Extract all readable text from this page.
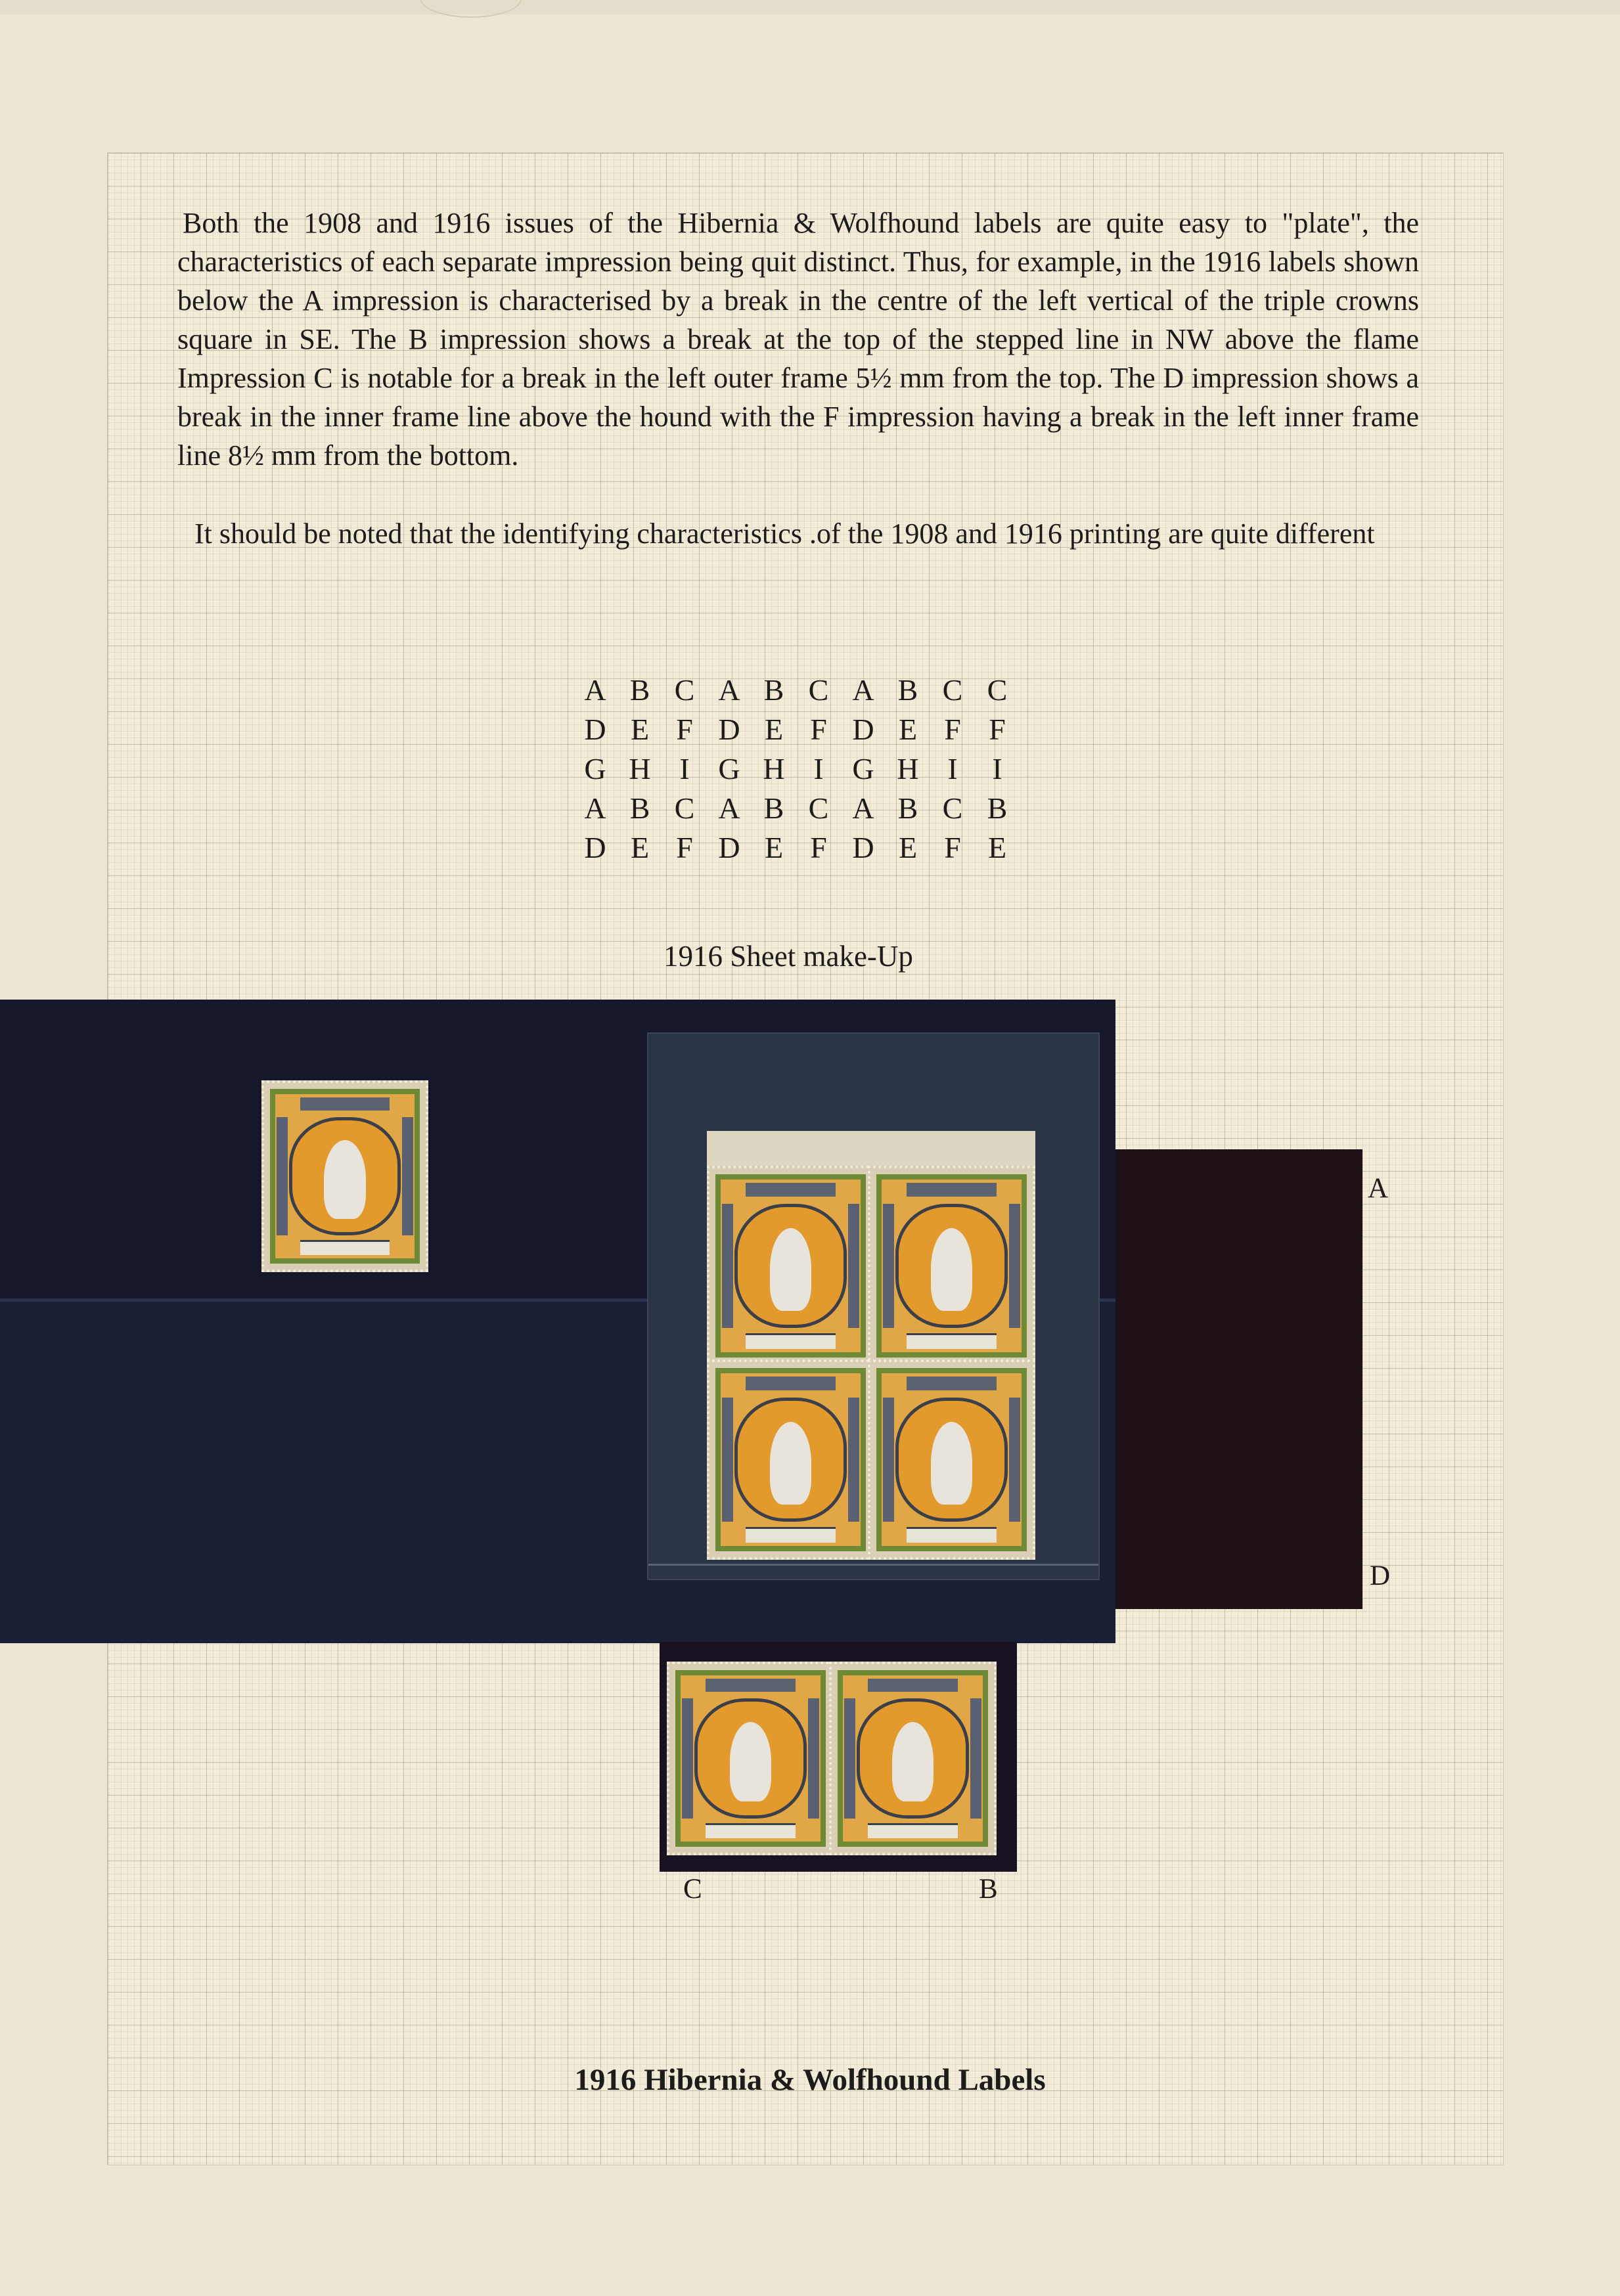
Both the 1908 and 1916 issues of the Hibernia & Wolfhound labels are quite easy to "plate", the characteristics of each separate impression being quit distinct. Thus, for example, in the 1916 labels shown below the A impression is characterised by a break in the centre of the left vertical of the triple crowns square in SE. The B impression shows a break at the top of the stepped line in NW above the flame Impression C is notable for a break in the left outer frame 5½ mm from the top. The D impression shows a break in the inner frame line above the hound with the F impression having a break in the left inner frame line 8½ mm from the bottom.

It should be noted that the identifying characteristics .of the 1908 and 1916 printing are quite different

A B C A B C A B C C
D E F D E F D E F F
G H I G H I G H I	I
A B C A B C A B C B
D E F D E F D E F E
1916 Sheet make-Up
A
D
C	B
1916 Hibernia & Wolfhound Labels
